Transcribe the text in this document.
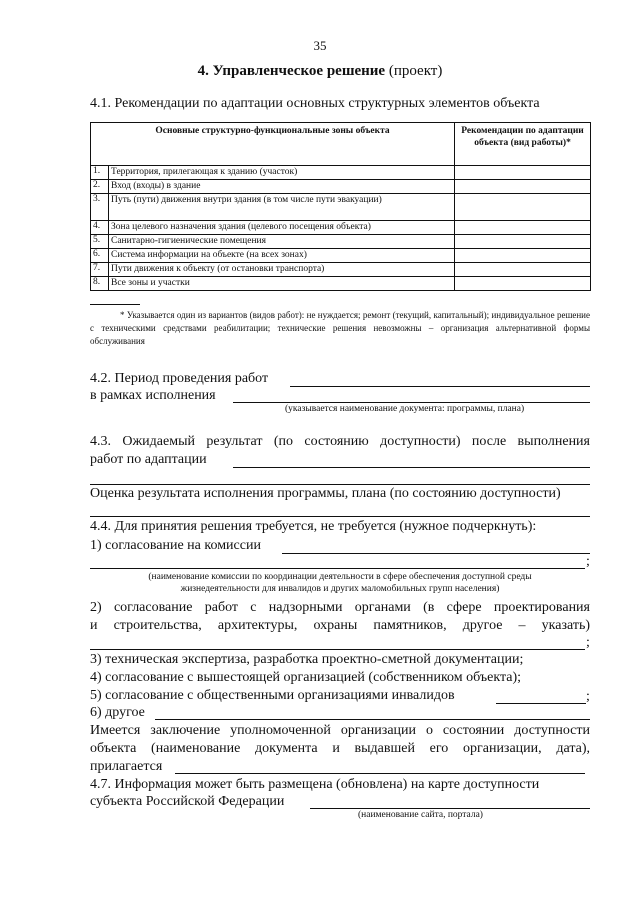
35
4. Управленческое решение (проект)
4.1. Рекомендации по адаптации основных структурных элементов объекта
Основные структурно-функциональные зоны объекта		Рекомендации по адаптации объекта (вид работы)*
1.	Территория, прилегающая к зданию (участок)	
2.	Вход (входы) в здание	
3.	Путь (пути) движения внутри здания (в том числе пути эвакуации)	
4.	Зона целевого назначения здания (целевого посещения объекта)	
5.	Санитарно-гигиенические помещения	
6.	Система информации на объекте (на всех зонах)	
7.	Пути движения к объекту (от остановки транспорта)	
8.	Все зоны и участки	
* Указывается один из вариантов (видов работ): не нуждается; ремонт (текущий, капитальный); индивидуальное решение с техническими средствами реабилитации; технические решения невозможны – организация альтернативной формы обслуживания
4.2. Период проведения работ
в рамках исполнения
(указывается наименование документа: программы, плана)
4.3. Ожидаемый результат (по состоянию доступности) после выполнения
работ по адаптации
Оценка результата исполнения программы, плана (по состоянию доступности)
4.4. Для принятия решения требуется, не требуется (нужное подчеркнуть):
1) согласование на комиссии
;
(наименование комиссии по координации деятельности в сфере обеспечения доступной среды
жизнедеятельности для инвалидов и других маломобильных групп населения)
2) согласование работ с надзорными органами (в сфере проектирования
и строительства, архитектуры, охраны памятников, другое – указать)
;
3) техническая экспертиза, разработка проектно-сметной документации;
4) согласование с вышестоящей организацией (собственником объекта);
5) согласование с общественными организациями инвалидов	;
6) другое
Имеется заключение уполномоченной организации о состоянии доступности
объекта (наименование документа и выдавшей его организации, дата),
прилагается
4.7. Информация может быть размещена (обновлена) на карте доступности
субъекта Российской Федерации
(наименование сайта, портала)
